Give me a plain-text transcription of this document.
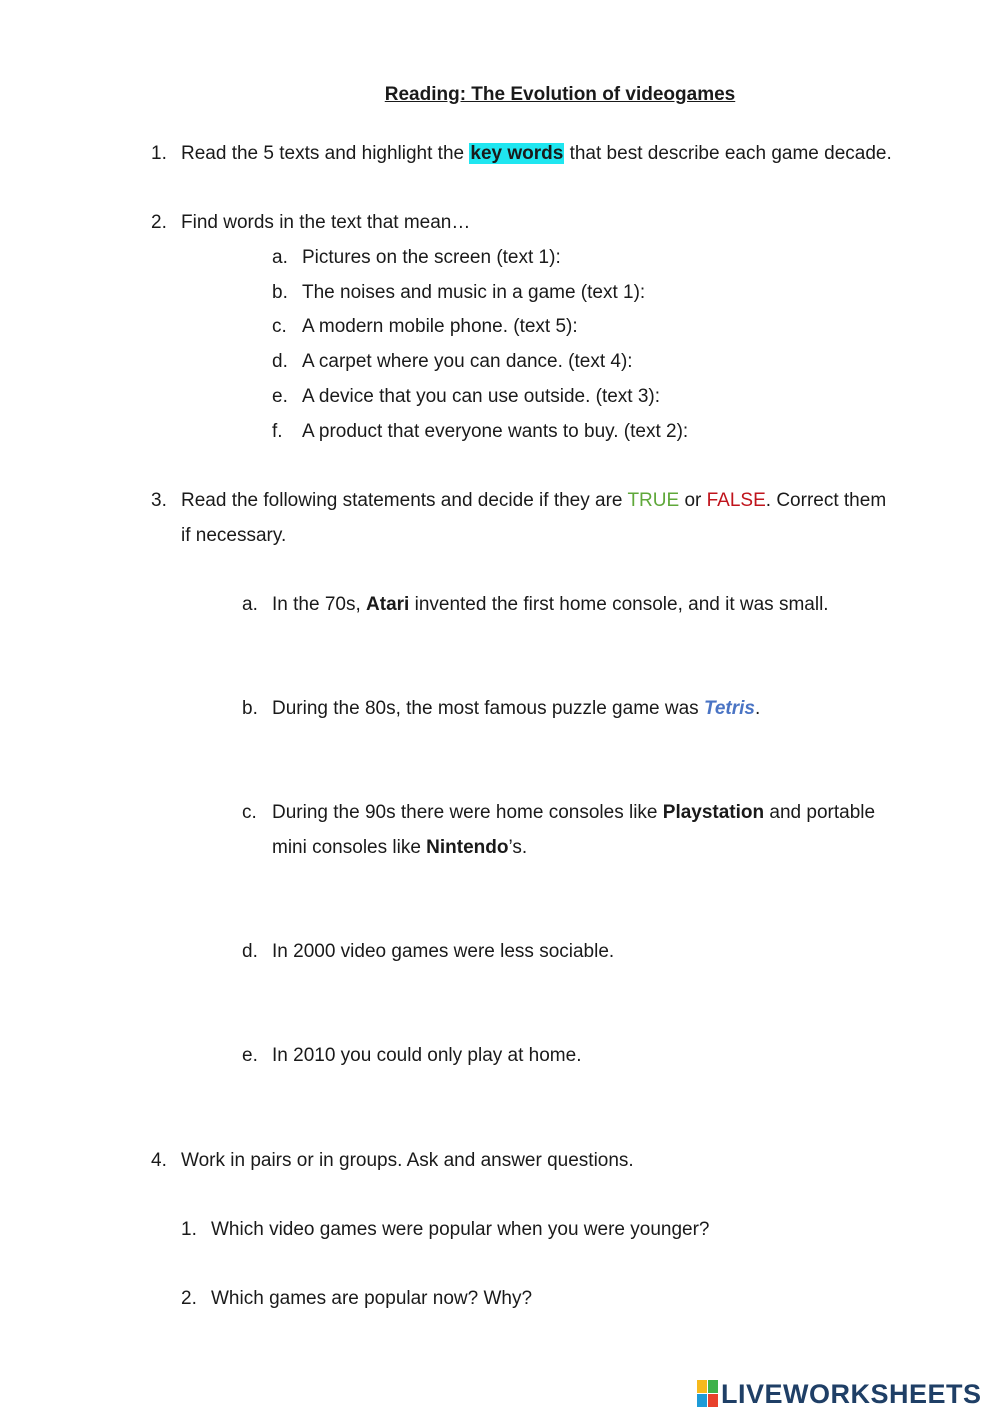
Reading: The Evolution of videogames
1. Read the 5 texts and highlight the key words that best describe each game decade.
2. Find words in the text that mean…
a. Pictures on the screen (text 1):
b. The noises and music in a game (text 1):
c. A modern mobile phone. (text 5):
d. A carpet where you can dance. (text 4):
e. A device that you can use outside. (text 3):
f. A product that everyone wants to buy. (text 2):
3. Read the following statements and decide if they are TRUE or FALSE. Correct them
if necessary.
a. In the 70s, Atari invented the first home console, and it was small.
b. During the 80s, the most famous puzzle game was Tetris.
c. During the 90s there were home consoles like Playstation and portable
mini consoles like Nintendo’s.
d. In 2000 video games were less sociable.
e. In 2010 you could only play at home.
4. Work in pairs or in groups. Ask and answer questions.
1. Which video games were popular when you were younger?
2. Which games are popular now? Why?
LIVEWORKSHEETS
